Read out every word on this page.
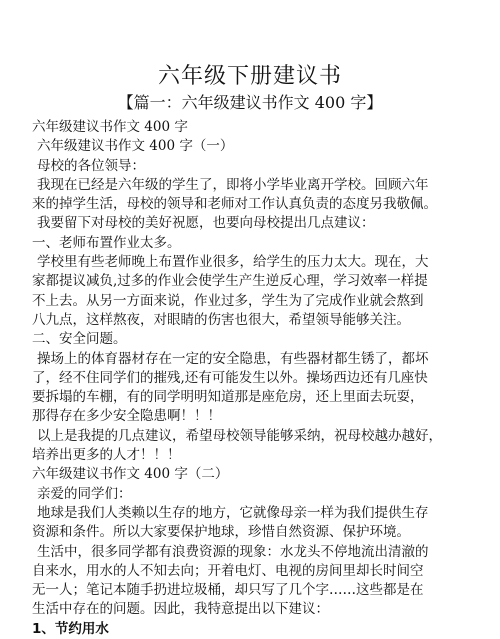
六年级下册建议书
【篇一：六年级建议书作文 400 字】
六年级建议书作文 400 字
六年级建议书作文 400 字（一）
母校的各位领导：
我现在已经是六年级的学生了，即将小学毕业离开学校。回顾六年
来的掉学生活，母校的领导和老师对工作认真负责的态度另我敬佩。
我要留下对母校的美好祝愿，也要向母校提出几点建议：
一、老师布置作业太多。
学校里有些老师晚上布置作业很多，给学生的压力太大。现在，大
家都提议减负,过多的作业会使学生产生逆反心理，学习效率一样提
不上去。从另一方面来说，作业过多，学生为了完成作业就会熬到
八九点，这样熬夜，对眼睛的伤害也很大，希望领导能够关注。
二、安全问题。
操场上的体育器材存在一定的安全隐患，有些器材都生锈了，都坏
了，经不住同学们的摧残,还有可能发生以外。操场西边还有几座快
要拆塌的车棚，有的同学明明知道那是座危房，还上里面去玩耍，
那得存在多少安全隐患啊！！！
以上是我提的几点建议，希望母校领导能够采纳，祝母校越办越好，
培养出更多的人才！！！
六年级建议书作文 400 字（二）
亲爱的同学们：
地球是我们人类赖以生存的地方，它就像母亲一样为我们提供生存
资源和条件。所以大家要保护地球，珍惜自然资源、保护环境。
生活中，很多同学都有浪费资源的现象：水龙头不停地流出清澈的
自来水，用水的人不知去向；开着电灯、电视的房间里却长时间空
无一人；笔记本随手扔进垃圾桶，却只写了几个字……这些都是在
生活中存在的问题。因此，我特意提出以下建议：
1、节约用水
